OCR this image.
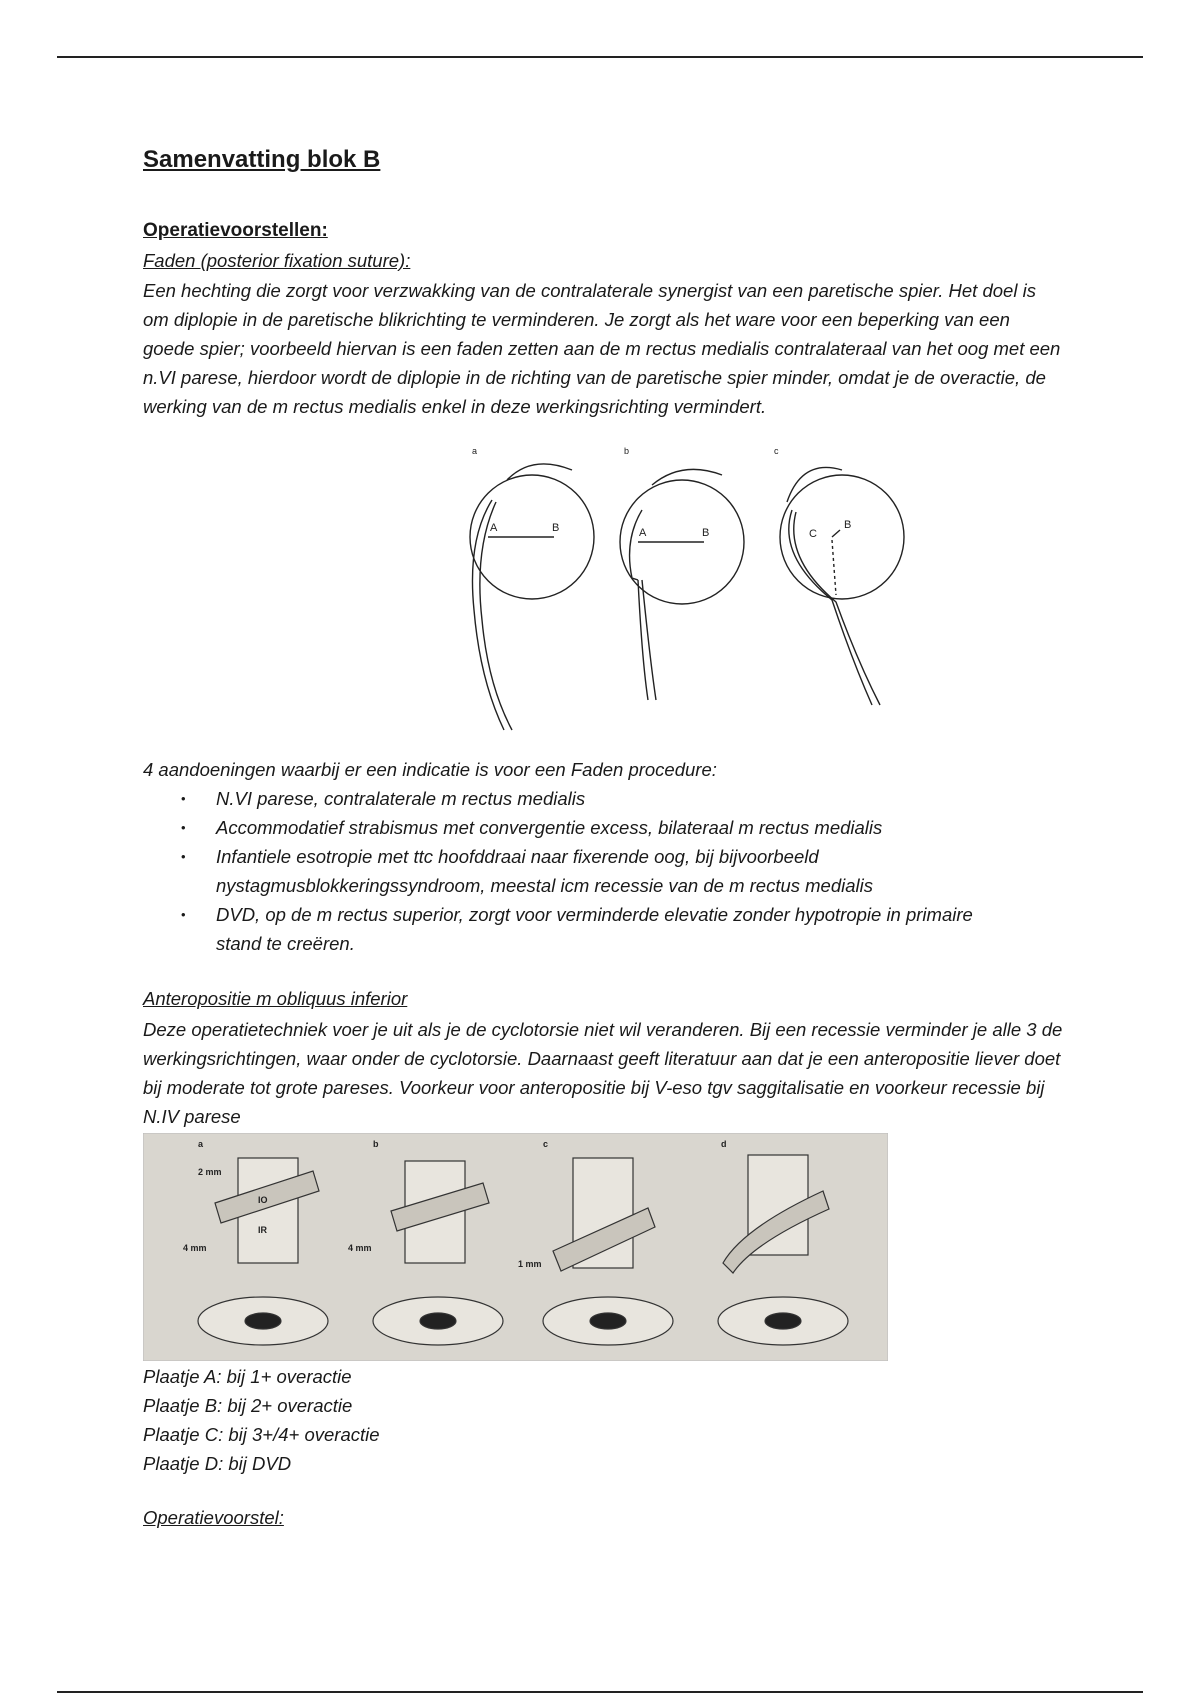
Samenvatting blok B

Operatievoorstellen:

Faden (posterior fixation suture):

Een hechting die zorgt voor verzwakking van de contralaterale synergist van een paretische spier. Het doel is om diplopie in de paretische blikrichting te verminderen. Je zorgt als het ware voor een beperking van een goede spier; voorbeeld hiervan is een faden zetten aan de m rectus medialis contralateraal van het oog met een n.VI parese, hierdoor wordt de diplopie in de richting van de paretische spier minder, omdat je de overactie, de werking van de m rectus medialis enkel in deze werkingsrichting vermindert.

4 aandoeningen waarbij er een indicatie is voor een Faden procedure:

• N.VI parese, contralaterale m rectus medialis
• Accommodatief strabismus met convergentie excess, bilateraal m rectus medialis
• Infantiele esotropie met ttc hoofddraai naar fixerende oog, bij bijvoorbeeld nystagmusblokkeringssyndroom, meestal icm recessie van de m rectus medialis
• DVD, op de m rectus superior, zorgt voor verminderde elevatie zonder hypotropie in primaire stand te creëren.

Anteropositie m obliquus inferior

Deze operatietechniek voer je uit als je de cyclotorsie niet wil veranderen. Bij een recessie verminder je alle 3 de werkingsrichtingen, waar onder de cyclotorsie. Daarnaast geeft literatuur aan dat je een anteropositie liever doet bij moderate tot grote pareses. Voorkeur voor anteropositie bij V-eso tgv saggitalisatie en voorkeur recessie bij N.IV parese

Plaatje A: bij 1+ overactie

Plaatje B: bij 2+ overactie

Plaatje C: bij 3+/4+ overactie

Plaatje D: bij DVD

Operatievoorstel:

a
A	B
b
A	B
c
C
B
a	b	c	d
2 mm
IO
IR
4 mm	4 mm
1 mm
